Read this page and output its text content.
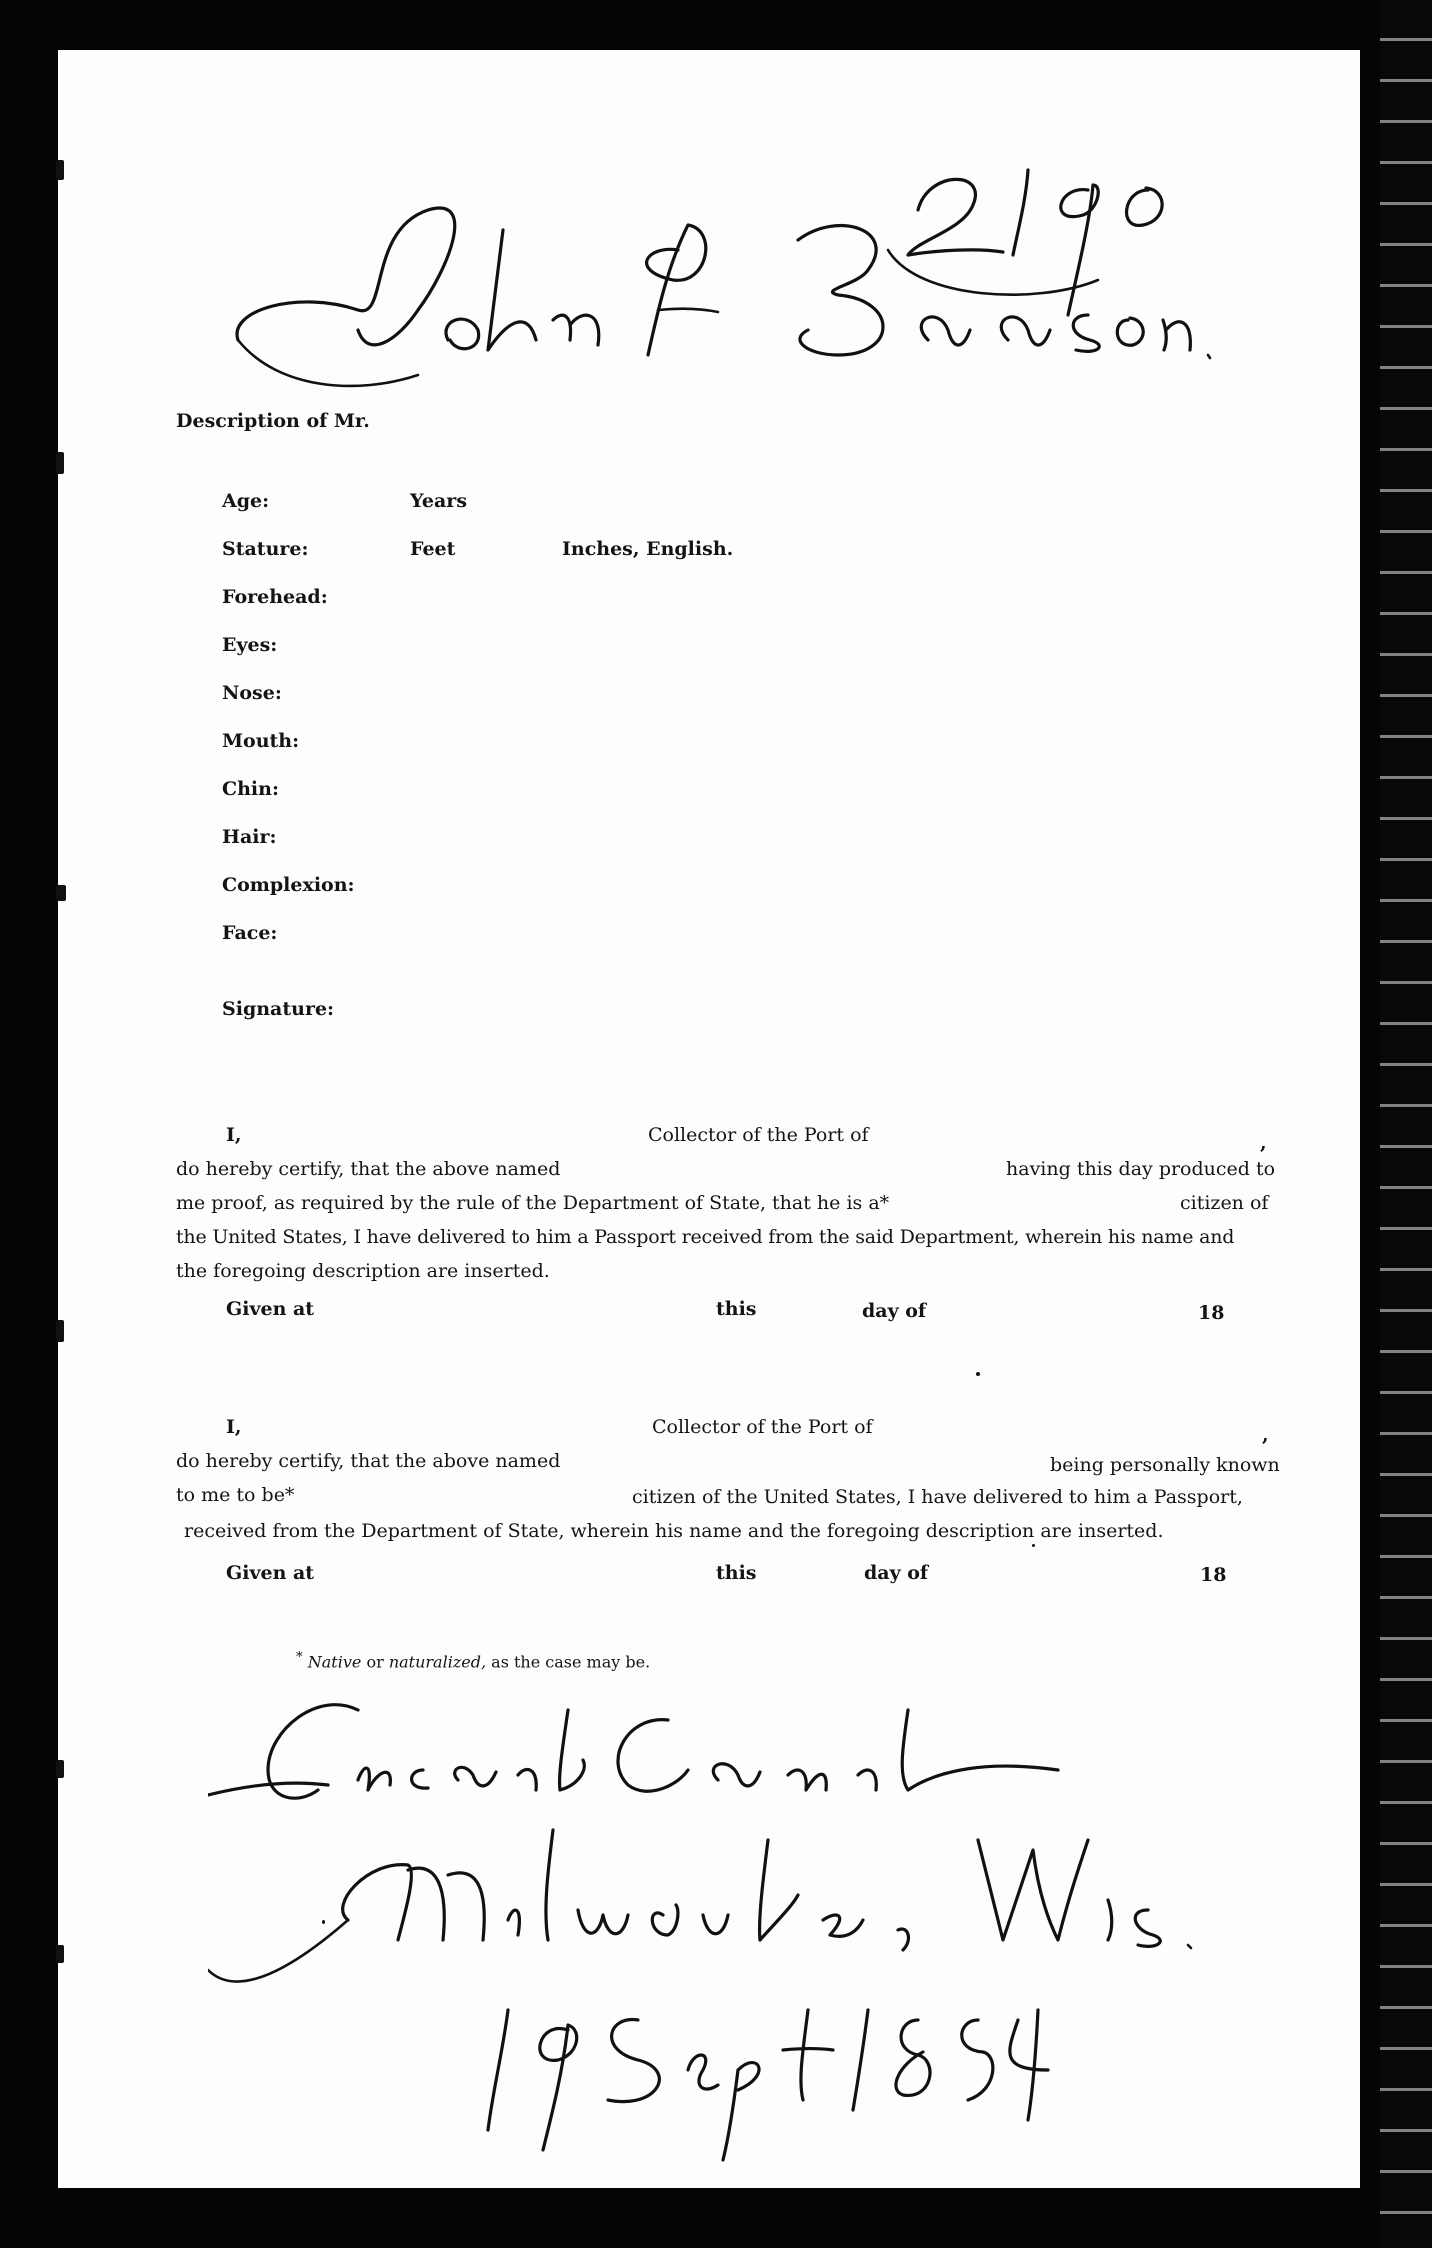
Description of Mr.
Age:	Years
Stature:	Feet	Inches, English.
Forehead:
Eyes:
Nose:
Mouth:
Chin:
Hair:
Complexion:
Face:
Signature:
I,	Collector of the Port of	,
do hereby certify, that the above named	having this day produced to
me proof, as required by the rule of the Department of State, that he is a*	citizen of
the United States, I have delivered to him a Passport received from the said Department, wherein his name and
the foregoing description are inserted.
Given at	this	day of	18
I,	Collector of the Port of	,
do hereby certify, that the above named	being personally known
to me to be*	citizen of the United States, I have delivered to him a Passport,
received from the Department of State, wherein his name and the foregoing description are inserted.
Given at	this	day of	18
* Native or naturalized, as the case may be.
